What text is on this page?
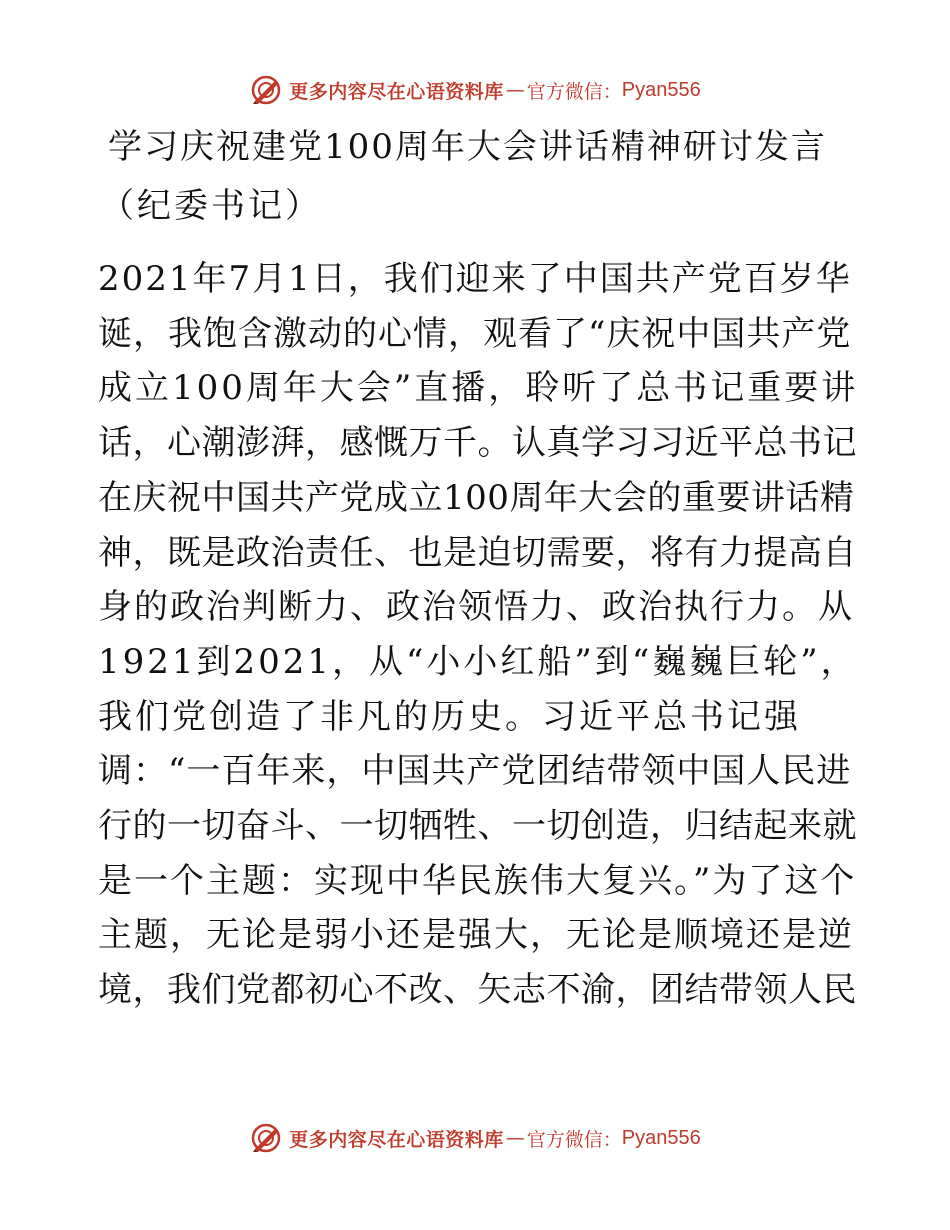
更多内容尽在心语资料库 — 官方微信： Pyan556
学习庆祝建党100周年大会讲话精神研讨发言
（纪委书记）

2021年7月1日，我们迎来了中国共产党百岁华
诞，我饱含激动的心情，观看了“庆祝中国共产党
成立100周年大会”直播，聆听了总书记重要讲
话，心潮澎湃，感慨万千。认真学习习近平总书记
在庆祝中国共产党成立100周年大会的重要讲话精
神，既是政治责任、也是迫切需要，将有力提高自
身的政治判断力、政治领悟力、政治执行力。从
1921到2021，从“小小红船”到“巍巍巨轮”，
我们党创造了非凡的历史。习近平总书记强
调：“一百年来，中国共产党团结带领中国人民进
行的一切奋斗、一切牺牲、一切创造，归结起来就
是一个主题：实现中华民族伟大复兴。”为了这个
主题，无论是弱小还是强大，无论是顺境还是逆
境，我们党都初心不改、矢志不渝，团结带领人民

更多内容尽在心语资料库 — 官方微信： Pyan556
